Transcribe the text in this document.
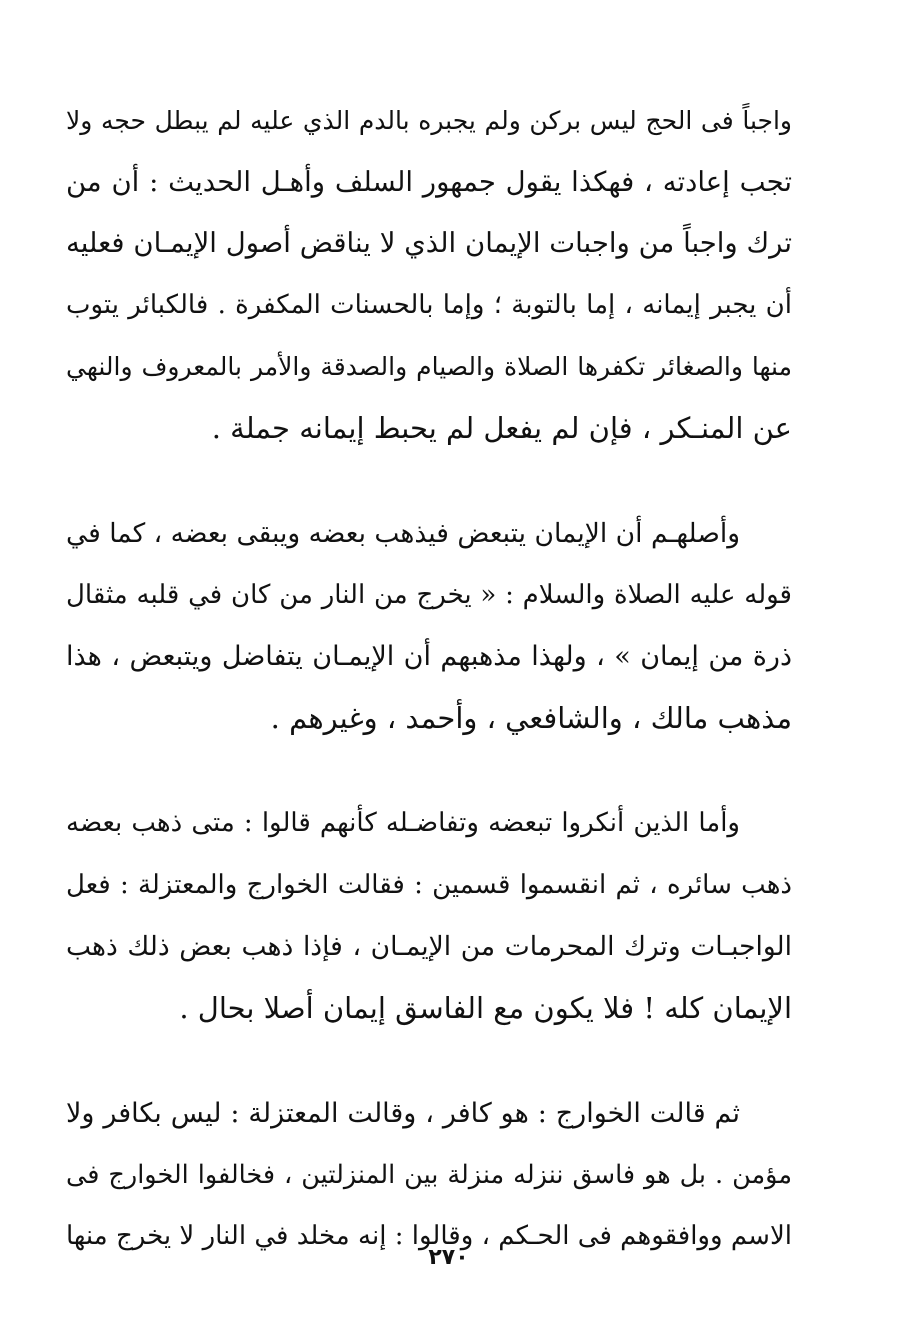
واجباً فى الحج ليس بركن ولم يجبره بالدم الذي عليه لم يبطل حجه ولا
تجب إعادته ، فهكذا يقول جمهور السلف وأهـل الحديث : أن من
ترك واجباً من واجبات الإيمان الذي لا يناقض أصول الإيمـان فعليه
أن يجبر إيمانه ، إما بالتوبة ؛ وإما بالحسنات المكفرة . فالكبائر يتوب
منها والصغائر تكفرها الصلاة والصيام والصدقة والأمر بالمعروف والنهي
عن المنـكر ، فإن لم يفعل لم يحبط إيمانه جملة .

وأصلهـم أن الإيمان يتبعض فيذهب بعضه ويبقى بعضه ، كما في
قوله عليه الصلاة والسلام : « يخرج من النار من كان في قلبه مثقال
ذرة من إيمان » ، ولهذا مذهبهم أن الإيمـان يتفاضل ويتبعض ، هذا
مذهب مالك ، والشافعي ، وأحمد ، وغيرهم .

وأما الذين أنكروا تبعضه وتفاضـله كأنهم قالوا : متى ذهب بعضه
ذهب سائره ، ثم انقسموا قسمين : فقالت الخوارج والمعتزلة : فعل
الواجبـات وترك المحرمات من الإيمـان ، فإذا ذهب بعض ذلك ذهب
الإيمان كله ! فلا يكون مع الفاسق إيمان أصلا بحال .

ثم قالت الخوارج : هو كافر ، وقالت المعتزلة : ليس بكافر ولا
مؤمن . بل هو فاسق ننزله منزلة بين المنزلتين ، فخالفوا الخوارج فى
الاسم ووافقوهم فى الحـكم ، وقالوا : إنه مخلد في النار لا يخرج منها

٢٧٠
